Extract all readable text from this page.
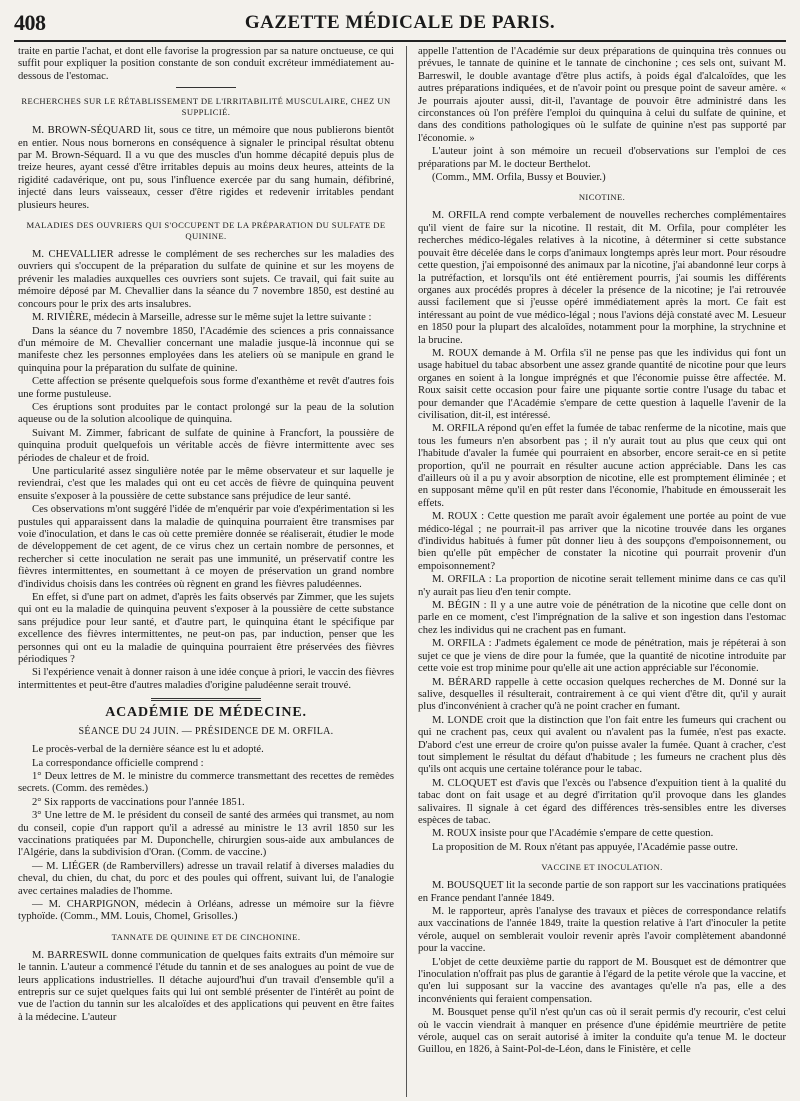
408	GAZETTE MÉDICALE DE PARIS.

traite en partie l'achat, et dont elle favorise la progression par sa nature onctueuse, ce qui suffit pour expliquer la position constante de son conduit excréteur immédiatement au-dessous de l'estomac.

RECHERCHES SUR LE RÉTABLISSEMENT DE L'IRRITABILITÉ MUSCULAIRE, CHEZ UN SUPPLICIÉ.

M. BROWN-SÉQUARD lit, sous ce titre, un mémoire que nous publierons bientôt en entier. Nous nous bornerons en conséquence à signaler le principal résultat obtenu par M. Brown-Séquard. Il a vu que des muscles d'un homme décapité depuis plus de treize heures, ayant cessé d'être irritables depuis au moins deux heures, atteints de la rigidité cadavérique, ont pu, sous l'influence exercée par du sang humain, défibriné, injecté dans leurs vaisseaux, cesser d'être rigides et redevenir irritables pendant plusieurs heures.

MALADIES DES OUVRIERS QUI S'OCCUPENT DE LA PRÉPARATION DU SULFATE DE QUININE.

M. CHEVALLIER adresse le complément de ses recherches sur les maladies des ouvriers qui s'occupent de la préparation du sulfate de quinine et sur les moyens de prévenir les maladies auxquelles ces ouvriers sont sujets. Ce travail, qui fait suite au mémoire déposé par M. Chevallier dans la séance du 7 novembre 1850, est destiné au concours pour le prix des arts insalubres.

M. RIVIÈRE, médecin à Marseille, adresse sur le même sujet la lettre suivante :

Dans la séance du 7 novembre 1850, l'Académie des sciences a pris connaissance d'un mémoire de M. Chevallier concernant une maladie jusque-là inconnue qui se manifeste chez les personnes employées dans les ateliers où se manipule en grand le quinquina pour la préparation du sulfate de quinine.

Cette affection se présente quelquefois sous forme d'exanthème et revêt d'autres fois une forme pustuleuse.

Ces éruptions sont produites par le contact prolongé sur la peau de la solution aqueuse ou de la solution alcoolique de quinquina.

Suivant M. Zimmer, fabricant de sulfate de quinine à Francfort, la poussière de quinquina produit quelquefois un véritable accès de fièvre intermittente avec ses périodes de chaleur et de froid.

Une particularité assez singulière notée par le même observateur et sur laquelle je reviendrai, c'est que les malades qui ont eu cet accès de fièvre de quinquina peuvent ensuite s'exposer à la poussière de cette substance sans préjudice de leur santé.

Ces observations m'ont suggéré l'idée de m'enquérir par voie d'expérimentation si les pustules qui apparaissent dans la maladie de quinquina pourraient être transmises par voie d'inoculation, et dans le cas où cette première donnée se réaliserait, étudier le mode de développement de cet agent, de ce virus chez un certain nombre de personnes, et rechercher si cette inoculation ne serait pas une immunité, un préservatif contre les fièvres intermittentes, en soumettant à ce moyen de préservation un grand nombre d'individus choisis dans les contrées où règnent en grand les fièvres paludéennes.

En effet, si d'une part on admet, d'après les faits observés par Zimmer, que les sujets qui ont eu la maladie de quinquina peuvent s'exposer à la poussière de cette substance sans préjudice pour leur santé, et d'autre part, le quinquina étant le spécifique par excellence des fièvres intermittentes, ne peut-on pas, par induction, penser que les personnes qui ont eu la maladie de quinquina pourraient être préservées des fièvres périodiques ?

Si l'expérience venait à donner raison à une idée conçue à priori, le vaccin des fièvres intermittentes et peut-être d'autres maladies d'origine paludéenne serait trouvé.

ACADÉMIE DE MÉDECINE.
SÉANCE DU 24 JUIN. — PRÉSIDENCE DE M. ORFILA.

Le procès-verbal de la dernière séance est lu et adopté.

La correspondance officielle comprend :

1° Deux lettres de M. le ministre du commerce transmettant des recettes de remèdes secrets. (Comm. des remèdes.)

2° Six rapports de vaccinations pour l'année 1851.

3° Une lettre de M. le président du conseil de santé des armées qui transmet, au nom du conseil, copie d'un rapport qu'il a adressé au ministre le 13 avril 1850 sur les vaccinations pratiquées par M. Duponchelle, chirurgien sous-aide aux ambulances de l'Algérie, dans la subdivision d'Oran. (Comm. de vaccine.)

— M. LIÉGER (de Rambervillers) adresse un travail relatif à diverses maladies du cheval, du chien, du chat, du porc et des poules qui offrent, suivant lui, de l'analogie avec certaines maladies de l'homme.

— M. CHARPIGNON, médecin à Orléans, adresse un mémoire sur la fièvre typhoïde. (Comm., MM. Louis, Chomel, Grisolles.)

TANNATE DE QUININE ET DE CINCHONINE.

M. BARRESWIL donne communication de quelques faits extraits d'un mémoire sur le tannin. L'auteur a commencé l'étude du tannin et de ses analogues au point de vue de leurs applications industrielles. Il détache aujourd'hui d'un travail d'ensemble qu'il a entrepris sur ce sujet quelques faits qui lui ont semblé présenter de l'intérêt au point de vue de l'action du tannin sur les alcaloïdes et des applications qui peuvent en être faites à la médecine. L'auteur

appelle l'attention de l'Académie sur deux préparations de quinquina très connues ou prévues, le tannate de quinine et le tannate de cinchonine ; ces sels ont, suivant M. Barreswil, le double avantage d'être plus actifs, à poids égal d'alcaloïdes, que les autres préparations indiquées, et de n'avoir point ou presque point de saveur amère. « Je pourrais ajouter aussi, dit-il, l'avantage de pouvoir être administré dans les circonstances où l'on préfère l'emploi du quinquina à celui du sulfate de quinine, et dans des conditions pathologiques où le sulfate de quinine n'est pas supporté par l'économie. »

L'auteur joint à son mémoire un recueil d'observations sur l'emploi de ces préparations par M. le docteur Berthelot.

(Comm., MM. Orfila, Bussy et Bouvier.)

NICOTINE.

M. ORFILA rend compte verbalement de nouvelles recherches complémentaires qu'il vient de faire sur la nicotine. Il restait, dit M. Orfila, pour compléter les recherches médico-légales relatives à la nicotine, à déterminer si cette substance pouvait être décelée dans le corps d'animaux longtemps après leur mort. Pour résoudre cette question, j'ai empoisonné des animaux par la nicotine, j'ai abandonné leur corps à la putréfaction, et lorsqu'ils ont été entièrement pourris, j'ai soumis les différents organes aux procédés propres à déceler la présence de la nicotine; je l'ai retrouvée aussi facilement que si j'eusse opéré immédiatement après la mort. Ce fait est intéressant au point de vue médico-légal ; nous l'avions déjà constaté avec M. Lesueur en 1850 pour la plupart des alcaloïdes, notamment pour la morphine, la strychnine et la brucine.

M. ROUX demande à M. Orfila s'il ne pense pas que les individus qui font un usage habituel du tabac absorbent une assez grande quantité de nicotine pour que leurs organes en soient à la longue imprégnés et que l'économie puisse être affectée. M. Roux saisit cette occasion pour faire une piquante sortie contre l'usage du tabac et pour demander que l'Académie s'empare de cette question à laquelle l'avenir de la civilisation, dit-il, est intéressé.

M. ORFILA répond qu'en effet la fumée de tabac renferme de la nicotine, mais que tous les fumeurs n'en absorbent pas ; il n'y aurait tout au plus que ceux qui ont l'habitude d'avaler la fumée qui pourraient en absorber, encore serait-ce en si petite proportion, qu'il ne pourrait en résulter aucune action appréciable. Dans les cas d'ailleurs où il a pu y avoir absorption de nicotine, elle est promptement éliminée ; et en supposant même qu'il en pût rester dans l'économie, l'habitude en émousserait les effets.

M. ROUX : Cette question me paraît avoir également une portée au point de vue médico-légal ; ne pourrait-il pas arriver que la nicotine trouvée dans les organes d'individus habitués à fumer pût donner lieu à des soupçons d'empoisonnement, ou bien qu'elle pût empêcher de constater la nicotine qui pourrait provenir d'un empoisonnement?

M. ORFILA : La proportion de nicotine serait tellement minime dans ce cas qu'il n'y aurait pas lieu d'en tenir compte.

M. BÉGIN : Il y a une autre voie de pénétration de la nicotine que celle dont on parle en ce moment, c'est l'imprégnation de la salive et son ingestion dans l'estomac chez les individus qui ne crachent pas en fumant.

M. ORFILA : J'admets également ce mode de pénétration, mais je répéterai à son sujet ce que je viens de dire pour la fumée, que la quantité de nicotine introduite par cette voie est trop minime pour qu'elle ait une action appréciable sur l'économie.

M. BÉRARD rappelle à cette occasion quelques recherches de M. Donné sur la salive, desquelles il résulterait, contrairement à ce qui vient d'être dit, qu'il y aurait plus d'inconvénient à cracher qu'à ne point cracher en fumant.

M. LONDE croit que la distinction que l'on fait entre les fumeurs qui crachent ou qui ne crachent pas, ceux qui avalent ou n'avalent pas la fumée, n'est pas exacte. D'abord c'est une erreur de croire qu'on puisse avaler la fumée. Quant à cracher, c'est tout simplement le résultat du défaut d'habitude ; les fumeurs ne crachent plus dès qu'ils ont acquis une certaine tolérance pour le tabac.

M. CLOQUET est d'avis que l'excès ou l'absence d'expuition tient à la qualité du tabac dont on fait usage et au degré d'irritation qu'il provoque dans les glandes salivaires. Il signale à cet égard des différences très-sensibles entre les diverses espèces de tabac.

M. ROUX insiste pour que l'Académie s'empare de cette question.

La proposition de M. Roux n'étant pas appuyée, l'Académie passe outre.

VACCINE ET INOCULATION.

M. BOUSQUET lit la seconde partie de son rapport sur les vaccinations pratiquées en France pendant l'année 1849.

M. le rapporteur, après l'analyse des travaux et pièces de correspondance relatifs aux vaccinations de l'année 1849, traite la question relative à l'art d'inoculer la petite vérole, auquel on semblerait vouloir revenir après l'avoir complètement abandonné pour la vaccine.

L'objet de cette deuxième partie du rapport de M. Bousquet est de démontrer que l'inoculation n'offrait pas plus de garantie à l'égard de la petite vérole que la vaccine, et qu'en lui supposant sur la vaccine des avantages qu'elle n'a pas, elle a des inconvénients qui feraient compensation.

M. Bousquet pense qu'il n'est qu'un cas où il serait permis d'y recourir, c'est celui où le vaccin viendrait à manquer en présence d'une épidémie meurtrière de petite vérole, auquel cas on serait autorisé à imiter la conduite qu'a tenue M. le docteur Guillou, en 1826, à Saint-Pol-de-Léon, dans le Finistère, et celle
